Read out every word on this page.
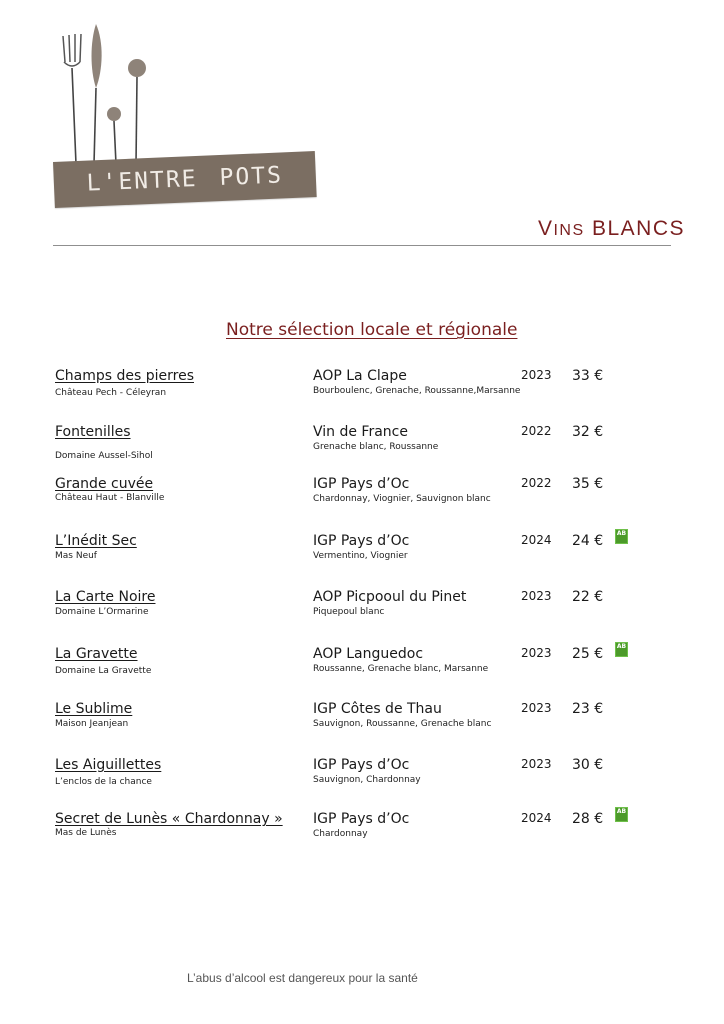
L'ENTRE POTS
VINS BLANCS
Notre sélection locale et régionale
Champs des pierres
Château Pech - Céleyran
AOP La Clape
Bourboulenc, Grenache, Roussanne,Marsanne
2023 33 €
Fontenilles
Domaine Aussel-Sihol
Vin de France
Grenache blanc, Roussanne
2022 32 €
Grande cuvée
Château Haut - Blanville
IGP Pays d’Oc
Chardonnay, Viognier, Sauvignon blanc
2022 35 €
L’Inédit Sec
Mas Neuf
IGP Pays d’Oc
Vermentino, Viognier
2024 24 €	AB
La Carte Noire
Domaine L’Ormarine
AOP Picpooul du Pinet
Piquepoul blanc
2023 22 €
La Gravette
Domaine La Gravette
AOP Languedoc
Roussanne, Grenache blanc, Marsanne
2023 25 €	AB
Le Sublime
Maison Jeanjean
IGP Côtes de Thau
Sauvignon, Roussanne, Grenache blanc
2023 23 €
Les Aiguillettes
L’enclos de la chance
IGP Pays d’Oc
Sauvignon, Chardonnay
2023 30 €
Secret de Lunès « Chardonnay »
Mas de Lunès
IGP Pays d’Oc
Chardonnay
2024 28 €	AB
L’abus d’alcool est dangereux pour la santé
